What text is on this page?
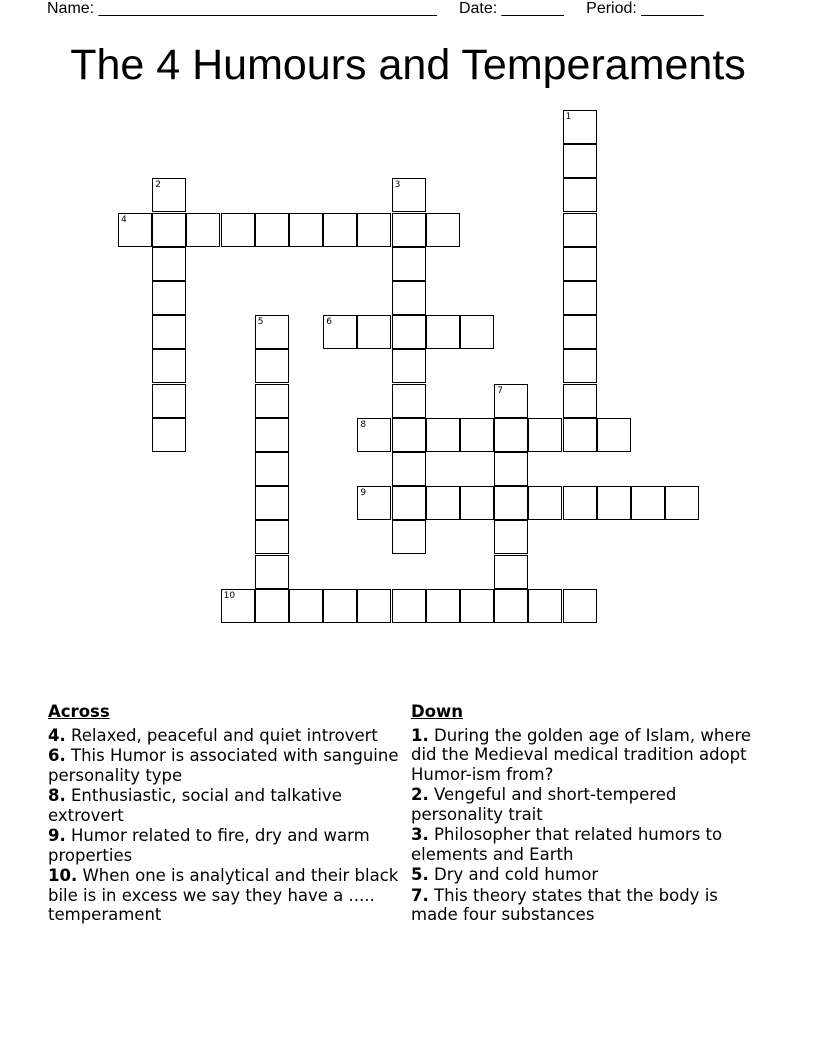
Name: ______________________________________     Date: _______     Period: _______
The 4 Humours and Temperaments
1
2	3
4
5	6
7
8
9
10
Across
4. Relaxed, peaceful and quiet introvert
6. This Humor is associated with sanguine personality type
8. Enthusiastic, social and talkative extrovert
9. Humor related to fire, dry and warm properties
10. When one is analytical and their black bile is in excess we say they have a ..... temperament
Down
1. During the golden age of Islam, where did the Medieval medical tradition adopt Humor-ism from?
2. Vengeful and short-tempered personality trait
3. Philosopher that related humors to elements and Earth
5. Dry and cold humor
7. This theory states that the body is made four substances
